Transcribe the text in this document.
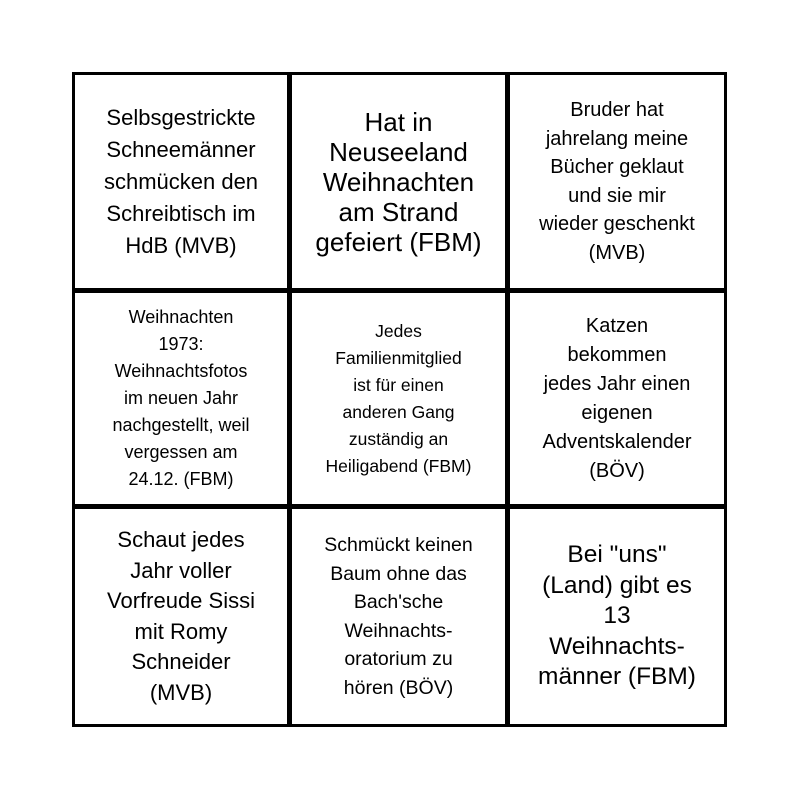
Selbsgestrickte
Schneemänner
schmücken den
Schreibtisch im
HdB (MVB)
Hat in
Neuseeland
Weihnachten
am Strand
gefeiert (FBM)
Bruder hat
jahrelang meine
Bücher geklaut
und sie mir
wieder geschenkt
(MVB)
Weihnachten
1973:
Weihnachtsfotos
im neuen Jahr
nachgestellt, weil
vergessen am
24.12. (FBM)
Jedes
Familienmitglied
ist für einen
anderen Gang
zuständig an
Heiligabend (FBM)
Katzen
bekommen
jedes Jahr einen
eigenen
Adventskalender
(BÖV)
Schaut jedes
Jahr voller
Vorfreude Sissi
mit Romy
Schneider
(MVB)
Schmückt keinen
Baum ohne das
Bach'sche
Weihnachts-
oratorium zu
hören (BÖV)
Bei "uns"
(Land) gibt es
13
Weihnachts-
männer (FBM)
